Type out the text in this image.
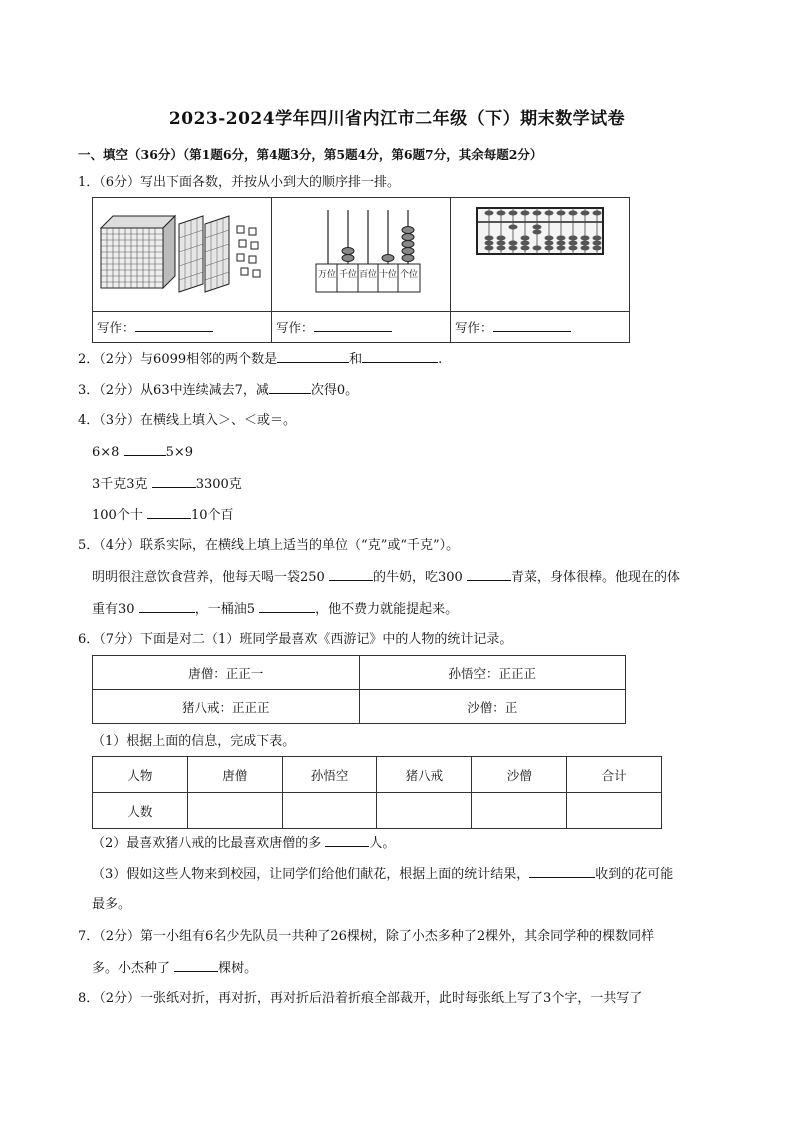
2023-2024学年四川省内江市二年级（下）期末数学试卷
一、填空（36分）（第1题6分，第4题3分，第5题4分，第6题7分，其余每题2分）
1．（6分）写出下面各数，并按从小到大的顺序排一排。

万位 千位 百位 十位 个位

写作：	写作：	写作：
2．（2分）与6099相邻的两个数是	和	.
3．（2分）从63中连续减去7，减	次得0。
4．（3分）在横线上填入＞、＜或＝。
6×8	5×9
3千克3克	3300克
100个十	10个百
5．（4分）联系实际，在横线上填上适当的单位（“克”或“千克”）。
明明很注意饮食营养，他每天喝一袋250	的牛奶，吃300	青菜，身体很棒。他现在的体
重有30	，一桶油5	，他不费力就能提起来。
6．（7分）下面是对二（1）班同学最喜欢《西游记》中的人物的统计记录。
唐僧：正正一	孙悟空：正正正
猪八戒：正正正	沙僧：正
（1）根据上面的信息，完成下表。
人物	唐僧	孙悟空	猪八戒	沙僧	合计
人数					
（2）最喜欢猪八戒的比最喜欢唐僧的多	人。
（3）假如这些人物来到校园，让同学们给他们献花，根据上面的统计结果，	收到的花可能
最多。
7．（2分）第一小组有6名少先队员一共种了26棵树，除了小杰多种了2棵外，其余同学种的棵数同样
多。小杰种了	棵树。
8．（2分）一张纸对折，再对折，再对折后沿着折痕全部裁开，此时每张纸上写了3个字，一共写了
